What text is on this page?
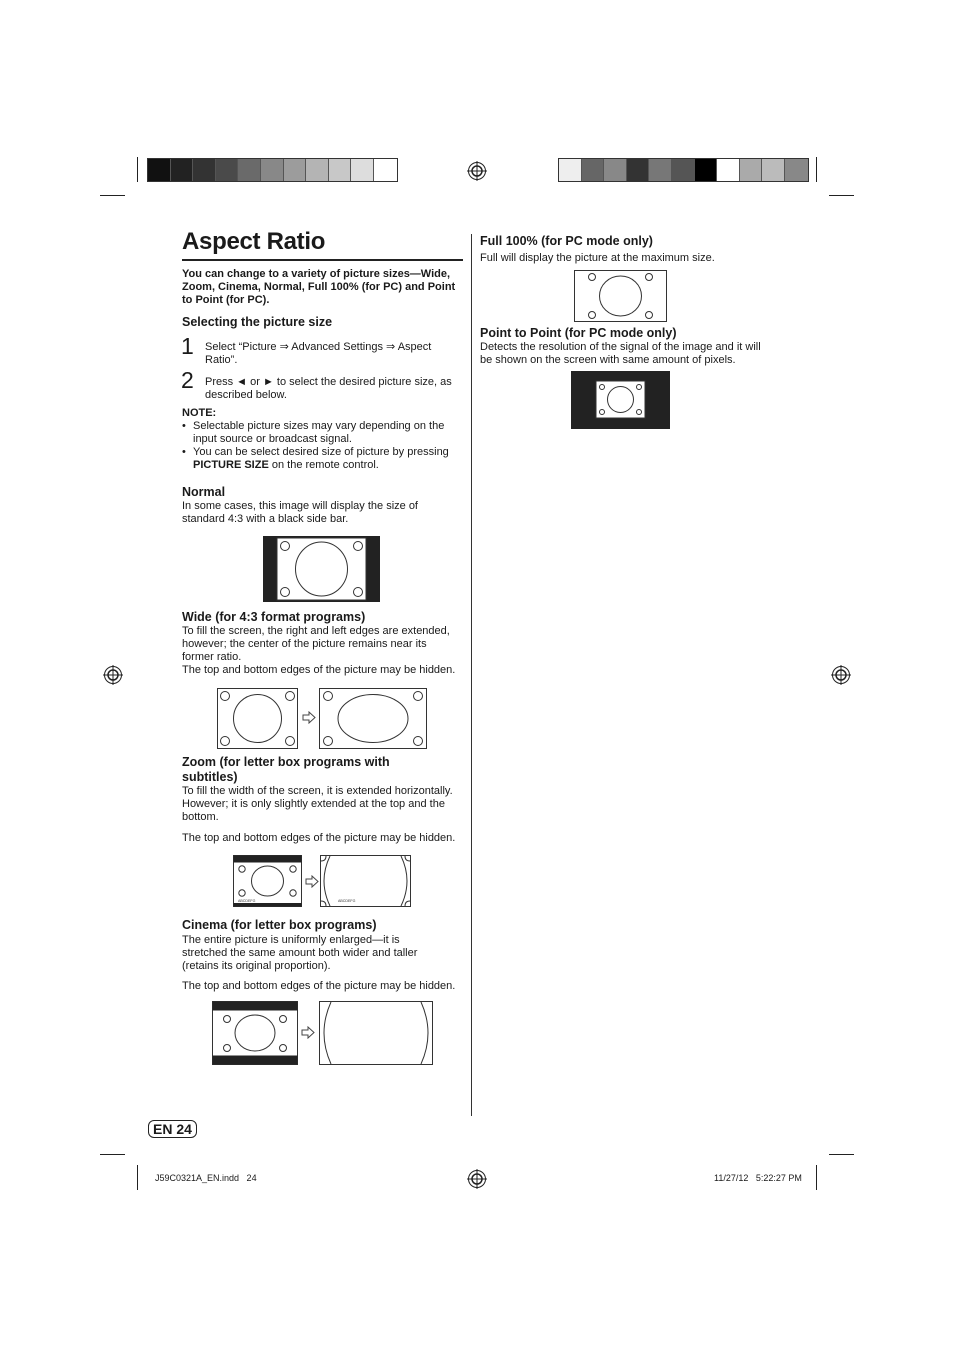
Aspect Ratio
You can change to a variety of picture sizes—Wide, Zoom, Cinema, Normal, Full 100% (for PC) and Point to Point (for PC).
Selecting the picture size
1 Select “Picture ⇒ Advanced Settings ⇒ Aspect Ratio”.
2 Press ◄ or ► to select the desired picture size, as described below.
NOTE:
• Selectable picture sizes may vary depending on the input source or broadcast signal.
• You can be select desired size of picture by pressing PICTURE SIZE on the remote control.
Normal
In some cases, this image will display the size of standard 4:3 with a black side bar.
Wide (for 4:3 format programs)
To fill the screen, the right and left edges are extended, however; the center of the picture remains near its former ratio.
The top and bottom edges of the picture may be hidden.
Zoom (for letter box programs with subtitles)
To fill the width of the screen, it is extended horizontally. However; it is only slightly extended at the top and the bottom.
The top and bottom edges of the picture may be hidden.
ABCDEFG	ABCDEFG
Cinema (for letter box programs)
The entire picture is uniformly enlarged—it is stretched the same amount both wider and taller (retains its original proportion).
The top and bottom edges of the picture may be hidden.
Full 100% (for PC mode only)
Full will display the picture at the maximum size.
Point to Point (for PC mode only)
Detects the resolution of the signal of the image and it will be shown on the screen with same amount of pixels.
EN 24
J59C0321A_EN.indd   24	11/27/12   5:22:27 PM
